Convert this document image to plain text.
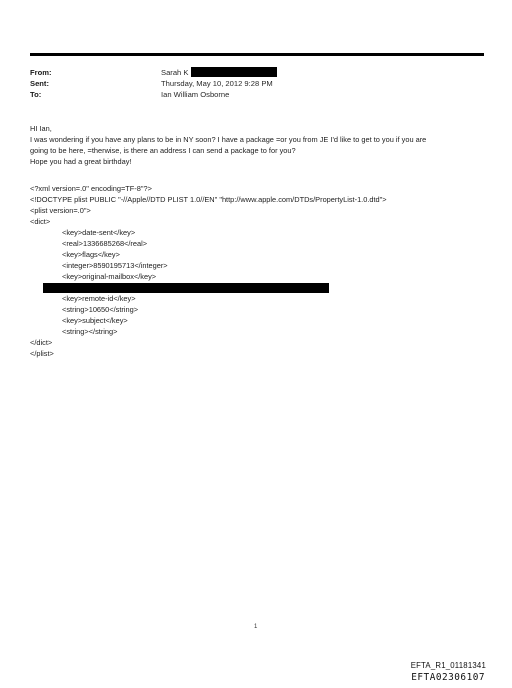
From:	Sarah K
Sent:	Thursday, May 10, 2012 9:28 PM
To:	Ian William Osborne

HI Ian,

I was wondering if you have any plans to be in NY soon? I have a package =or you from JE I'd like to get to you if you are

going to be here, =therwise, is there an address I can send a package to for you?

Hope you had a great birthday!

<?xml version=.0" encoding=TF-8"?>
<!DOCTYPE plist PUBLIC "-//Apple//DTD PLIST 1.0//EN" "http://www.apple.com/DTDs/PropertyList-1.0.dtd">
<plist version=.0">
<dict>
<key>date-sent</key>
<real>1336685268</real>
<key>flags</key>
<integer>8590195713</integer>
<key>original-mailbox</key>
<key>remote-id</key>
<string>10650</string>
<key>subject</key>
<string></string>
</dict>
</plist>
1
EFTA_R1_01181341
EFTA02306107
